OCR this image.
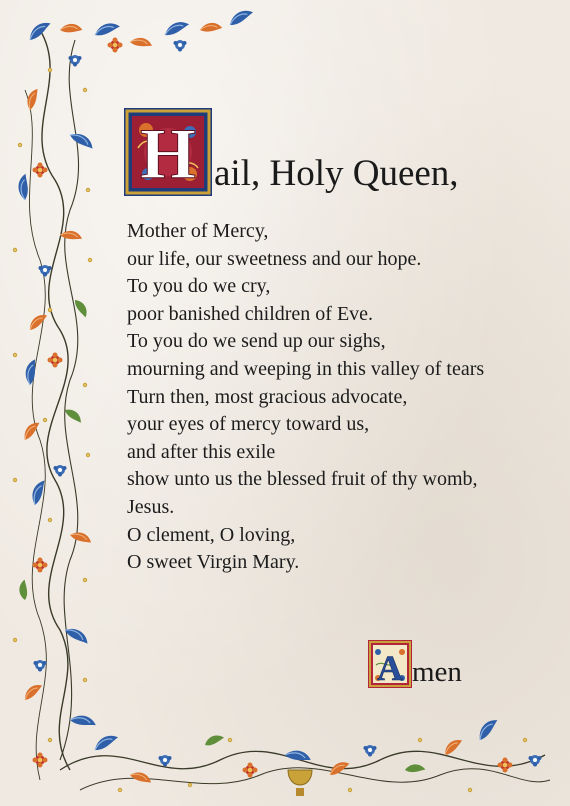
H ail, Holy Queen,
Mother of Mercy,
our life, our sweetness and our hope.
To you do we cry,
poor banished children of Eve.
To you do we send up our sighs,
mourning and weeping in this valley of tears
Turn then, most gracious advocate,
your eyes of mercy toward us,
and after this exile
show unto us the blessed fruit of thy womb,
Jesus.
O clement, O loving,
O sweet Virgin Mary.
A men
